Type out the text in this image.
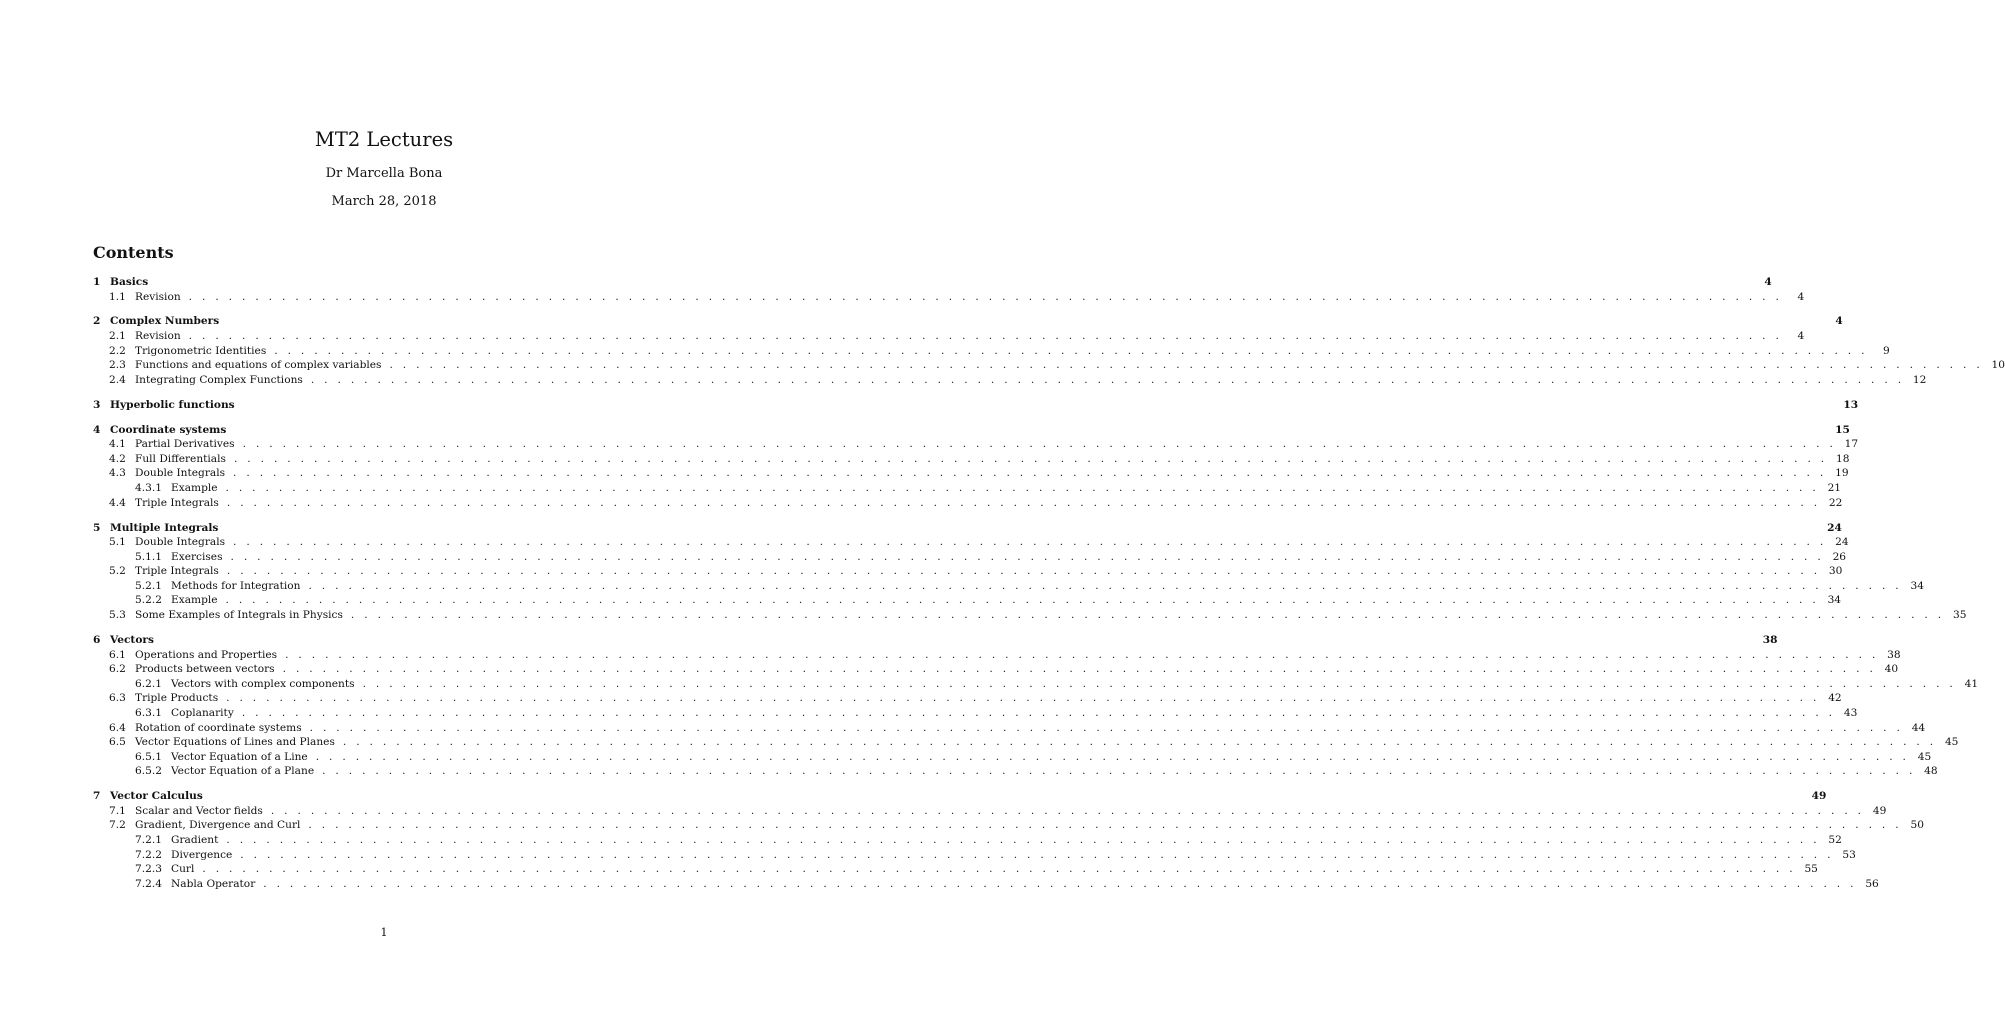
MT2 Lectures
Dr Marcella Bona
March 28, 2018
Contents
1 Basics	4
1.1 Revision . . . . . . . . . . . . . . . . . . . . . . . . . . . . . . . . . . . . . . . . . . . . . . . . . . . . . . . . . . . . . . . . . . . . . . . . . . . . . . . . . . . . . . . . . . . . . . . . . . . . . . . . . . . . . . . . . . . . . . . .	4
2 Complex Numbers	4
2.1 Revision . . . . . . . . . . . . . . . . . . . . . . . . . . . . . . . . . . . . . . . . . . . . . . . . . . . . . . . . . . . . . . . . . . . . . . . . . . . . . . . . . . . . . . . . . . . . . . . . . . . . . . . . . . . . . . . . . . . . . . . .	4
2.2 Trigonometric Identities . . . . . . . . . . . . . . . . . . . . . . . . . . . . . . . . . . . . . . . . . . . . . . . . . . . . . . . . . . . . . . . . . . . . . . . . . . . . . . . . . . . . . . . . . . . . . . . . . . . . . . . . . . . . . . . . . . . . . . . .	9
2.3 Functions and equations of complex variables . . . . . . . . . . . . . . . . . . . . . . . . . . . . . . . . . . . . . . . . . . . . . . . . . . . . . . . . . . . . . . . . . . . . . . . . . . . . . . . . . . . . . . . . . . . . . . . . . . . . . . . . . . . . . . . . . . . . . . . . 10
2.4 Integrating Complex Functions . . . . . . . . . . . . . . . . . . . . . . . . . . . . . . . . . . . . . . . . . . . . . . . . . . . . . . . . . . . . . . . . . . . . . . . . . . . . . . . . . . . . . . . . . . . . . . . . . . . . . . . . . . . . . . . . . . . . . . . . 12
3 Hyperbolic functions	13
4 Coordinate systems	15
4.1 Partial Derivatives . . . . . . . . . . . . . . . . . . . . . . . . . . . . . . . . . . . . . . . . . . . . . . . . . . . . . . . . . . . . . . . . . . . . . . . . . . . . . . . . . . . . . . . . . . . . . . . . . . . . . . . . . . . . . . . . . . . . . . . . 17
4.2 Full Differentials . . . . . . . . . . . . . . . . . . . . . . . . . . . . . . . . . . . . . . . . . . . . . . . . . . . . . . . . . . . . . . . . . . . . . . . . . . . . . . . . . . . . . . . . . . . . . . . . . . . . . . . . . . . . . . . . . . . . . . . . 18
4.3 Double Integrals . . . . . . . . . . . . . . . . . . . . . . . . . . . . . . . . . . . . . . . . . . . . . . . . . . . . . . . . . . . . . . . . . . . . . . . . . . . . . . . . . . . . . . . . . . . . . . . . . . . . . . . . . . . . . . . . . . . . . . . . 19
4.3.1 Example . . . . . . . . . . . . . . . . . . . . . . . . . . . . . . . . . . . . . . . . . . . . . . . . . . . . . . . . . . . . . . . . . . . . . . . . . . . . . . . . . . . . . . . . . . . . . . . . . . . . . . . . . . . . . . . . . . . . . . . . 21
4.4 Triple Integrals . . . . . . . . . . . . . . . . . . . . . . . . . . . . . . . . . . . . . . . . . . . . . . . . . . . . . . . . . . . . . . . . . . . . . . . . . . . . . . . . . . . . . . . . . . . . . . . . . . . . . . . . . . . . . . . . . . . . . . . . 22
5 Multiple Integrals	24
5.1 Double Integrals . . . . . . . . . . . . . . . . . . . . . . . . . . . . . . . . . . . . . . . . . . . . . . . . . . . . . . . . . . . . . . . . . . . . . . . . . . . . . . . . . . . . . . . . . . . . . . . . . . . . . . . . . . . . . . . . . . . . . . . . 24
5.1.1 Exercises . . . . . . . . . . . . . . . . . . . . . . . . . . . . . . . . . . . . . . . . . . . . . . . . . . . . . . . . . . . . . . . . . . . . . . . . . . . . . . . . . . . . . . . . . . . . . . . . . . . . . . . . . . . . . . . . . . . . . . . . 26
5.2 Triple Integrals . . . . . . . . . . . . . . . . . . . . . . . . . . . . . . . . . . . . . . . . . . . . . . . . . . . . . . . . . . . . . . . . . . . . . . . . . . . . . . . . . . . . . . . . . . . . . . . . . . . . . . . . . . . . . . . . . . . . . . . . 30
5.2.1 Methods for Integration . . . . . . . . . . . . . . . . . . . . . . . . . . . . . . . . . . . . . . . . . . . . . . . . . . . . . . . . . . . . . . . . . . . . . . . . . . . . . . . . . . . . . . . . . . . . . . . . . . . . . . . . . . . . . . . . . . . . . . . . 34
5.2.2 Example . . . . . . . . . . . . . . . . . . . . . . . . . . . . . . . . . . . . . . . . . . . . . . . . . . . . . . . . . . . . . . . . . . . . . . . . . . . . . . . . . . . . . . . . . . . . . . . . . . . . . . . . . . . . . . . . . . . . . . . . 34
5.3 Some Examples of Integrals in Physics . . . . . . . . . . . . . . . . . . . . . . . . . . . . . . . . . . . . . . . . . . . . . . . . . . . . . . . . . . . . . . . . . . . . . . . . . . . . . . . . . . . . . . . . . . . . . . . . . . . . . . . . . . . . . . . . . . . . . . . . 35
6 Vectors	38
6.1 Operations and Properties . . . . . . . . . . . . . . . . . . . . . . . . . . . . . . . . . . . . . . . . . . . . . . . . . . . . . . . . . . . . . . . . . . . . . . . . . . . . . . . . . . . . . . . . . . . . . . . . . . . . . . . . . . . . . . . . . . . . . . . . 38
6.2 Products between vectors . . . . . . . . . . . . . . . . . . . . . . . . . . . . . . . . . . . . . . . . . . . . . . . . . . . . . . . . . . . . . . . . . . . . . . . . . . . . . . . . . . . . . . . . . . . . . . . . . . . . . . . . . . . . . . . . . . . . . . . . 40
6.2.1 Vectors with complex components . . . . . . . . . . . . . . . . . . . . . . . . . . . . . . . . . . . . . . . . . . . . . . . . . . . . . . . . . . . . . . . . . . . . . . . . . . . . . . . . . . . . . . . . . . . . . . . . . . . . . . . . . . . . . . . . . . . . . . . . 41
6.3 Triple Products . . . . . . . . . . . . . . . . . . . . . . . . . . . . . . . . . . . . . . . . . . . . . . . . . . . . . . . . . . . . . . . . . . . . . . . . . . . . . . . . . . . . . . . . . . . . . . . . . . . . . . . . . . . . . . . . . . . . . . . . 42
6.3.1 Coplanarity . . . . . . . . . . . . . . . . . . . . . . . . . . . . . . . . . . . . . . . . . . . . . . . . . . . . . . . . . . . . . . . . . . . . . . . . . . . . . . . . . . . . . . . . . . . . . . . . . . . . . . . . . . . . . . . . . . . . . . . . 43
6.4 Rotation of coordinate systems . . . . . . . . . . . . . . . . . . . . . . . . . . . . . . . . . . . . . . . . . . . . . . . . . . . . . . . . . . . . . . . . . . . . . . . . . . . . . . . . . . . . . . . . . . . . . . . . . . . . . . . . . . . . . . . . . . . . . . . . 44
6.5 Vector Equations of Lines and Planes . . . . . . . . . . . . . . . . . . . . . . . . . . . . . . . . . . . . . . . . . . . . . . . . . . . . . . . . . . . . . . . . . . . . . . . . . . . . . . . . . . . . . . . . . . . . . . . . . . . . . . . . . . . . . . . . . . . . . . . . 45
6.5.1 Vector Equation of a Line . . . . . . . . . . . . . . . . . . . . . . . . . . . . . . . . . . . . . . . . . . . . . . . . . . . . . . . . . . . . . . . . . . . . . . . . . . . . . . . . . . . . . . . . . . . . . . . . . . . . . . . . . . . . . . . . . . . . . . . . 45
6.5.2 Vector Equation of a Plane . . . . . . . . . . . . . . . . . . . . . . . . . . . . . . . . . . . . . . . . . . . . . . . . . . . . . . . . . . . . . . . . . . . . . . . . . . . . . . . . . . . . . . . . . . . . . . . . . . . . . . . . . . . . . . . . . . . . . . . . 48
7 Vector Calculus	49
7.1 Scalar and Vector fields . . . . . . . . . . . . . . . . . . . . . . . . . . . . . . . . . . . . . . . . . . . . . . . . . . . . . . . . . . . . . . . . . . . . . . . . . . . . . . . . . . . . . . . . . . . . . . . . . . . . . . . . . . . . . . . . . . . . . . . . 49
7.2 Gradient, Divergence and Curl . . . . . . . . . . . . . . . . . . . . . . . . . . . . . . . . . . . . . . . . . . . . . . . . . . . . . . . . . . . . . . . . . . . . . . . . . . . . . . . . . . . . . . . . . . . . . . . . . . . . . . . . . . . . . . . . . . . . . . . . 50
7.2.1 Gradient . . . . . . . . . . . . . . . . . . . . . . . . . . . . . . . . . . . . . . . . . . . . . . . . . . . . . . . . . . . . . . . . . . . . . . . . . . . . . . . . . . . . . . . . . . . . . . . . . . . . . . . . . . . . . . . . . . . . . . . . 52
7.2.2 Divergence . . . . . . . . . . . . . . . . . . . . . . . . . . . . . . . . . . . . . . . . . . . . . . . . . . . . . . . . . . . . . . . . . . . . . . . . . . . . . . . . . . . . . . . . . . . . . . . . . . . . . . . . . . . . . . . . . . . . . . . . 53
7.2.3 Curl . . . . . . . . . . . . . . . . . . . . . . . . . . . . . . . . . . . . . . . . . . . . . . . . . . . . . . . . . . . . . . . . . . . . . . . . . . . . . . . . . . . . . . . . . . . . . . . . . . . . . . . . . . . . . . . . . . . . . . . . 55
7.2.4 Nabla Operator . . . . . . . . . . . . . . . . . . . . . . . . . . . . . . . . . . . . . . . . . . . . . . . . . . . . . . . . . . . . . . . . . . . . . . . . . . . . . . . . . . . . . . . . . . . . . . . . . . . . . . . . . . . . . . . . . . . . . . . . 56
1
